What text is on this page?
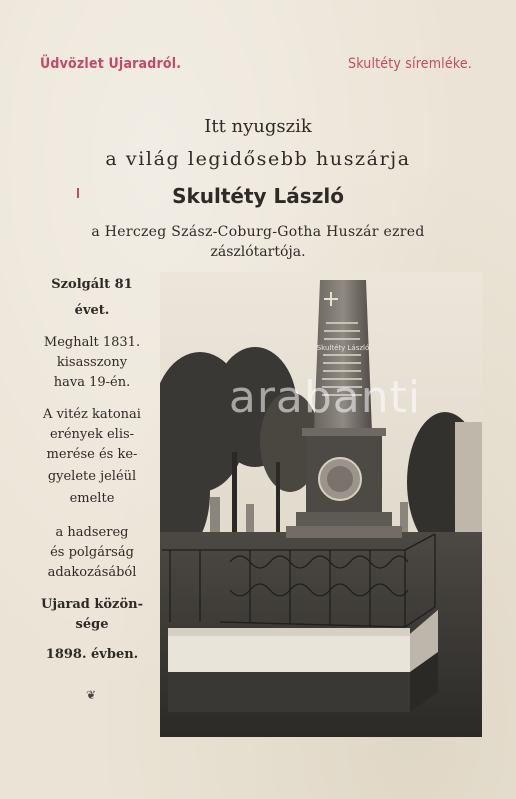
Üdvözlet Ujaradról.	Skultéty síremléke.
Itt nyugszik
a világ legidősebb huszárja
Skultéty László
a Herczeg Szász-Coburg-Gotha Huszár ezred
zászlótartója.
Szolgált 81
évet.
Meghalt 1831.
kisasszony
hava 19-én.
A vitéz katonai
erények elis-
merése és ke-
gyelete jeléül
emelte
a hadsereg
és polgárság
adakozásából
Ujarad közön-
sége
1898. évben.
❦
Skultéty László
arabanti
